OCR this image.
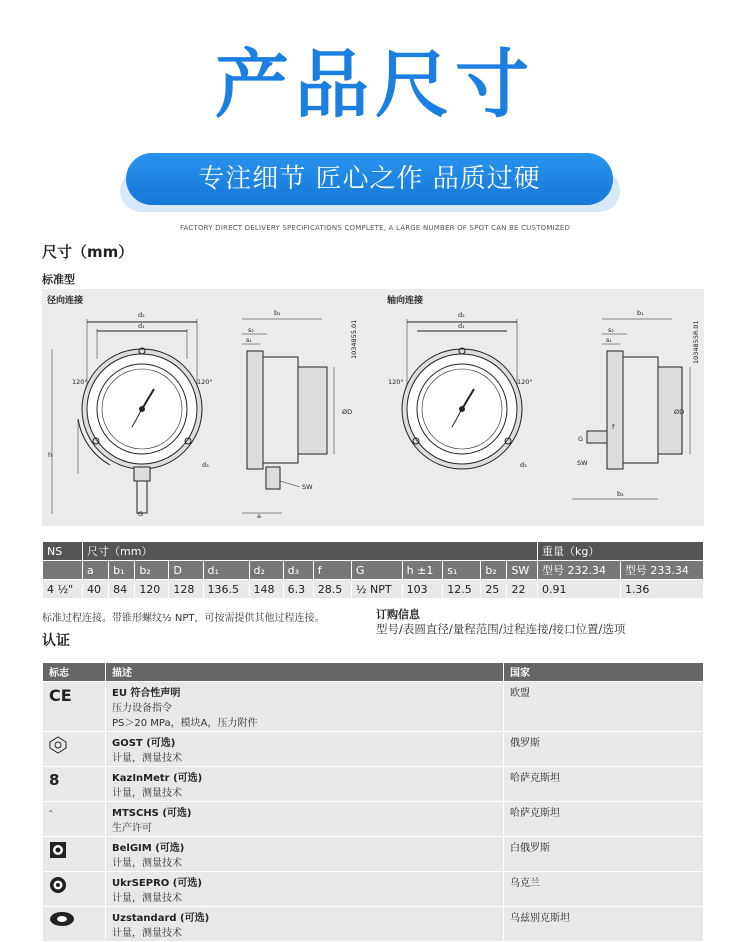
产品尺寸
专注细节 匠心之作 品质过硬
FACTORY DIRECT DELIVERY SPECIFICATIONS COMPLETE, A LARGE NUMBER OF SPOT CAN BE CUSTOMIZED
尺寸（mm）
标准型
径向连接	轴向连接
d₂
d₁
120°	120°
h
G
d₃
b₁
s₂
s₁
SW
a
ØD
1034855.01
d₂
d₁
120°	120°
d₃
b₁
s₂
s₁
G
f
SW
b₂
ØD
1034855R.01
NS	尺寸（mm）													重量（kg）	
	a	b₁	b₂	D	d₁	d₂	d₃	f	G	h ±1	s₁	b₂	SW	型号 232.34	型号 233.34
4 ½"	40	84	120	128	136.5	148	6.3	28.5	½ NPT	103	12.5	25	22	0.91	1.36
标准过程连接。带锥形螺纹½ NPT，可按需提供其他过程连接。	订购信息
型号/表圆直径/量程范围/过程连接/接口位置/选项
认证
标志	描述	国家
CE	EU 符合性声明
压力设备指令
PS＞20 MPa，模块A，压力附件	欧盟

GOST (可选)
计量，测量技术	俄罗斯
8	KazInMetr (可选)
计量，测量技术	哈萨克斯坦
-	MTSCHS (可选)
生产许可	哈萨克斯坦

BelGIM (可选)
计量，测量技术	白俄罗斯

UkrSEPRO (可选)
计量，测量技术	乌克兰

Uzstandard (可选)
计量，测量技术	乌兹别克斯坦
